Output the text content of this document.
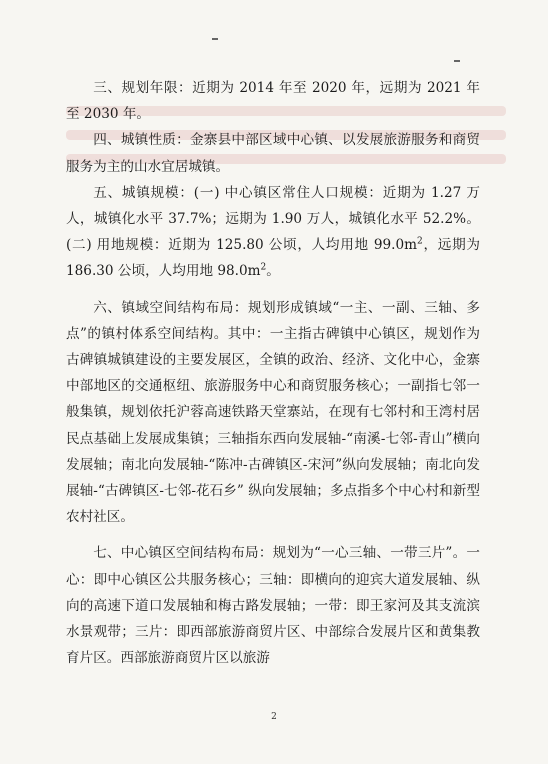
三、规划年限：近期为 2014 年至 2020 年，远期为 2021 年至 2030 年。

四、城镇性质：金寨县中部区域中心镇、以发展旅游服务和商贸服务为主的山水宜居城镇。

五、城镇规模：(一) 中心镇区常住人口规模：近期为 1.27 万人，城镇化水平 37.7%；远期为 1.90 万人，城镇化水平 52.2%。(二) 用地规模：近期为 125.80 公顷，人均用地 $99.0m^2$，远期为 186.30 公顷，人均用地 $98.0m^2$。

六、镇域空间结构布局：规划形成镇域“一主、一副、三轴、多点”的镇村体系空间结构。其中：一主指古碑镇中心镇区，规划作为古碑镇城镇建设的主要发展区，全镇的政治、经济、文化中心，金寨中部地区的交通枢纽、旅游服务中心和商贸服务核心；一副指七邻一般集镇，规划依托沪蓉高速铁路天堂寨站，在现有七邻村和王湾村居民点基础上发展成集镇；三轴指东西向发展轴-“南溪-七邻-青山”横向发展轴；南北向发展轴-“陈冲-古碑镇区-宋河”纵向发展轴；南北向发展轴-“古碑镇区-七邻-花石乡” 纵向发展轴；多点指多个中心村和新型农村社区。

七、中心镇区空间结构布局：规划为“一心三轴、一带三片”。一心：即中心镇区公共服务核心；三轴：即横向的迎宾大道发展轴、纵向的高速下道口发展轴和梅古路发展轴；一带：即王家河及其支流滨水景观带；三片：即西部旅游商贸片区、中部综合发展片区和黄集教育片区。西部旅游商贸片区以旅游

2
